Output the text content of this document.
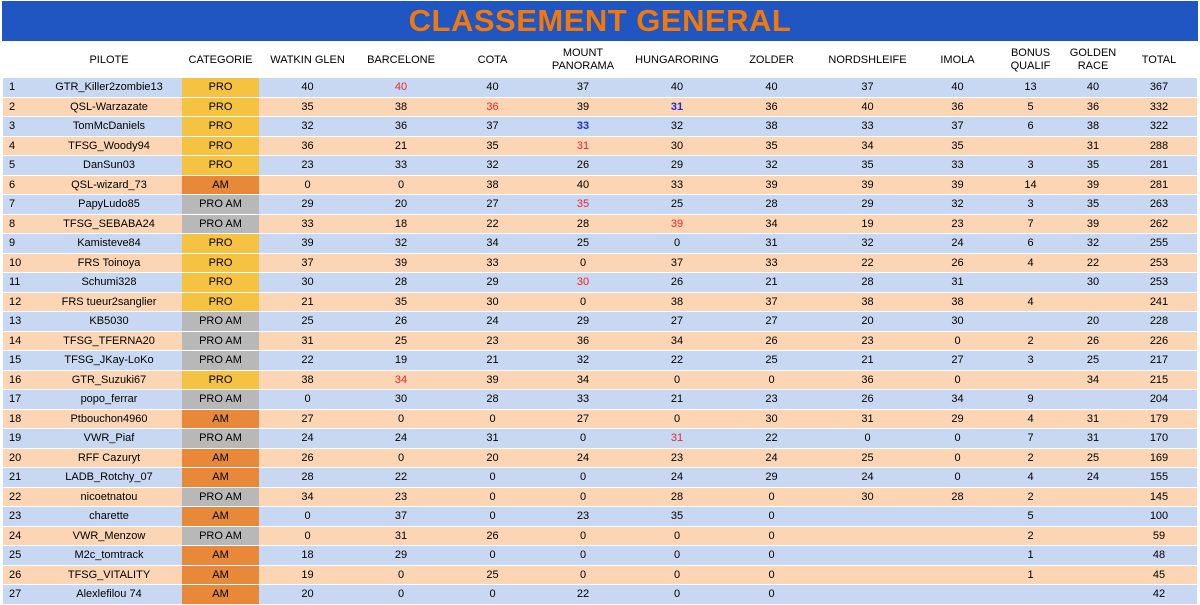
CLASSEMENT GENERAL
	PILOTE	CATEGORIE	WATKIN GLEN	BARCELONE	COTA	MOUNT PANORAMA	HUNGARORING	ZOLDER	NORDSHLEIFE	IMOLA	BONUS QUALIF	GOLDEN RACE	TOTAL
1	GTR_Killer2zombie13	PRO	40	40	40	37	40	40	37	40	13	40	367
2	QSL-Warzazate	PRO	35	38	36	39	31	36	40	36	5	36	332
3	TomMcDaniels	PRO	32	36	37	33	32	38	33	37	6	38	322
4	TFSG_Woody94	PRO	36	21	35	31	30	35	34	35		31	288
5	DanSun03	PRO	23	33	32	26	29	32	35	33	3	35	281
6	QSL-wizard_73	AM	0	0	38	40	33	39	39	39	14	39	281
7	PapyLudo85	PRO AM	29	20	27	35	25	28	29	32	3	35	263
8	TFSG_SEBABA24	PRO AM	33	18	22	28	39	34	19	23	7	39	262
9	Kamisteve84	PRO	39	32	34	25	0	31	32	24	6	32	255
10	FRS Toinoya	PRO	37	39	33	0	37	33	22	26	4	22	253
11	Schumi328	PRO	30	28	29	30	26	21	28	31		30	253
12	FRS tueur2sanglier	PRO	21	35	30	0	38	37	38	38	4		241
13	KB5030	PRO AM	25	26	24	29	27	27	20	30		20	228
14	TFSG_TFERNA20	PRO AM	31	25	23	36	34	26	23	0	2	26	226
15	TFSG_JKay-LoKo	PRO AM	22	19	21	32	22	25	21	27	3	25	217
16	GTR_Suzuki67	PRO	38	34	39	34	0	0	36	0		34	215
17	popo_ferrar	PRO AM	0	30	28	33	21	23	26	34	9		204
18	Ptbouchon4960	AM	27	0	0	27	0	30	31	29	4	31	179
19	VWR_Piaf	PRO AM	24	24	31	0	31	22	0	0	7	31	170
20	RFF Cazuryt	AM	26	0	20	24	23	24	25	0	2	25	169
21	LADB_Rotchy_07	AM	28	22	0	0	24	29	24	0	4	24	155
22	nicoetnatou	PRO AM	34	23	0	0	28	0	30	28	2		145
23	charette	AM	0	37	0	23	35	0			5		100
24	VWR_Menzow	PRO AM	0	31	26	0	0	0			2		59
25	M2c_tomtrack	AM	18	29	0	0	0	0			1		48
26	TFSG_VITALITY	AM	19	0	25	0	0	0			1		45
27	Alexlefilou 74	AM	20	0	0	22	0	0					42
